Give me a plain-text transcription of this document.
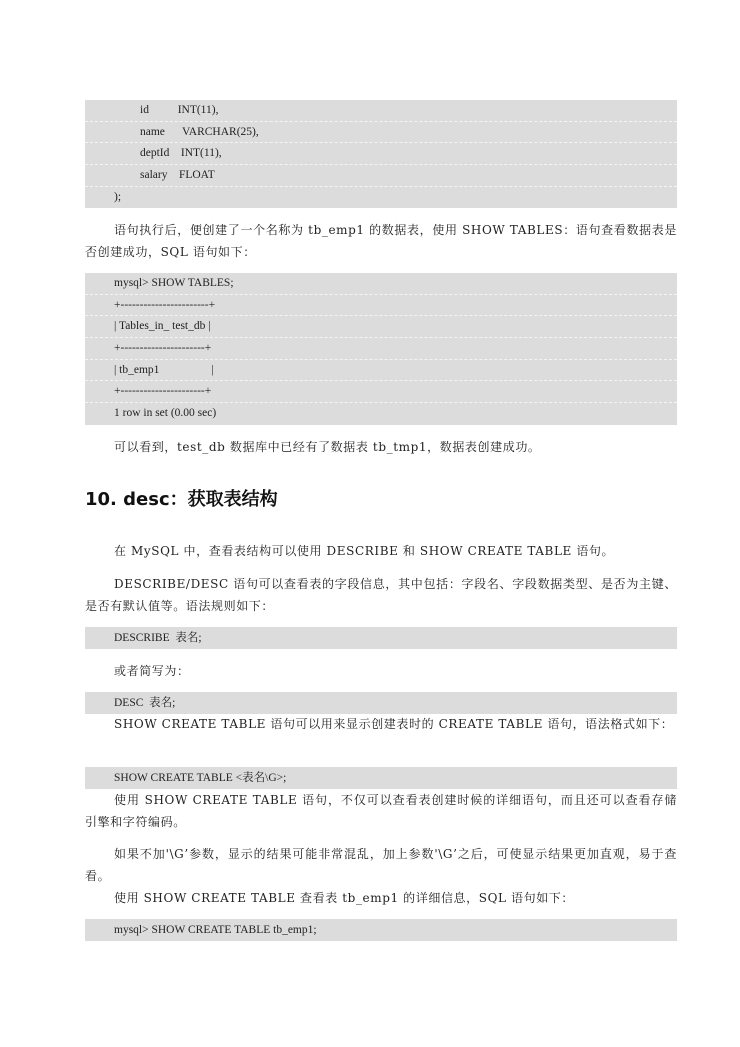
id          INT(11),
name      VARCHAR(25),
deptId    INT(11),
salary    FLOAT
);

语句执行后，便创建了一个名称为 tb_emp1 的数据表，使用 SHOW TABLES：语句查看数据表是否创建成功，SQL 语句如下：

mysql> SHOW TABLES;
+-----------------------+
| Tables_in_ test_db |
+----------------------+
| tb_emp1                  |
+----------------------+
1 row in set (0.00 sec)

可以看到，test_db 数据库中已经有了数据表 tb_tmp1，数据表创建成功。

10. desc：获取表结构

在 MySQL 中，查看表结构可以使用 DESCRIBE 和 SHOW CREATE TABLE 语句。

DESCRIBE/DESC 语句可以查看表的字段信息，其中包括：字段名、字段数据类型、是否为主键、是否有默认值等。语法规则如下：

DESCRIBE  表名;

或者简写为：

DESC  表名;

SHOW CREATE TABLE 语句可以用来显示创建表时的 CREATE TABLE 语句，语法格式如下：

SHOW CREATE TABLE <表名\G>;

使用 SHOW CREATE TABLE 语句，不仅可以查看表创建时候的详细语句，而且还可以查看存储引擎和字符编码。

如果不加'\G’参数，显示的结果可能非常混乱，加上参数'\G’之后，可使显示结果更加直观，易于查看。

使用 SHOW CREATE TABLE 查看表 tb_emp1 的详细信息，SQL 语句如下：

mysql> SHOW CREATE TABLE tb_emp1;
